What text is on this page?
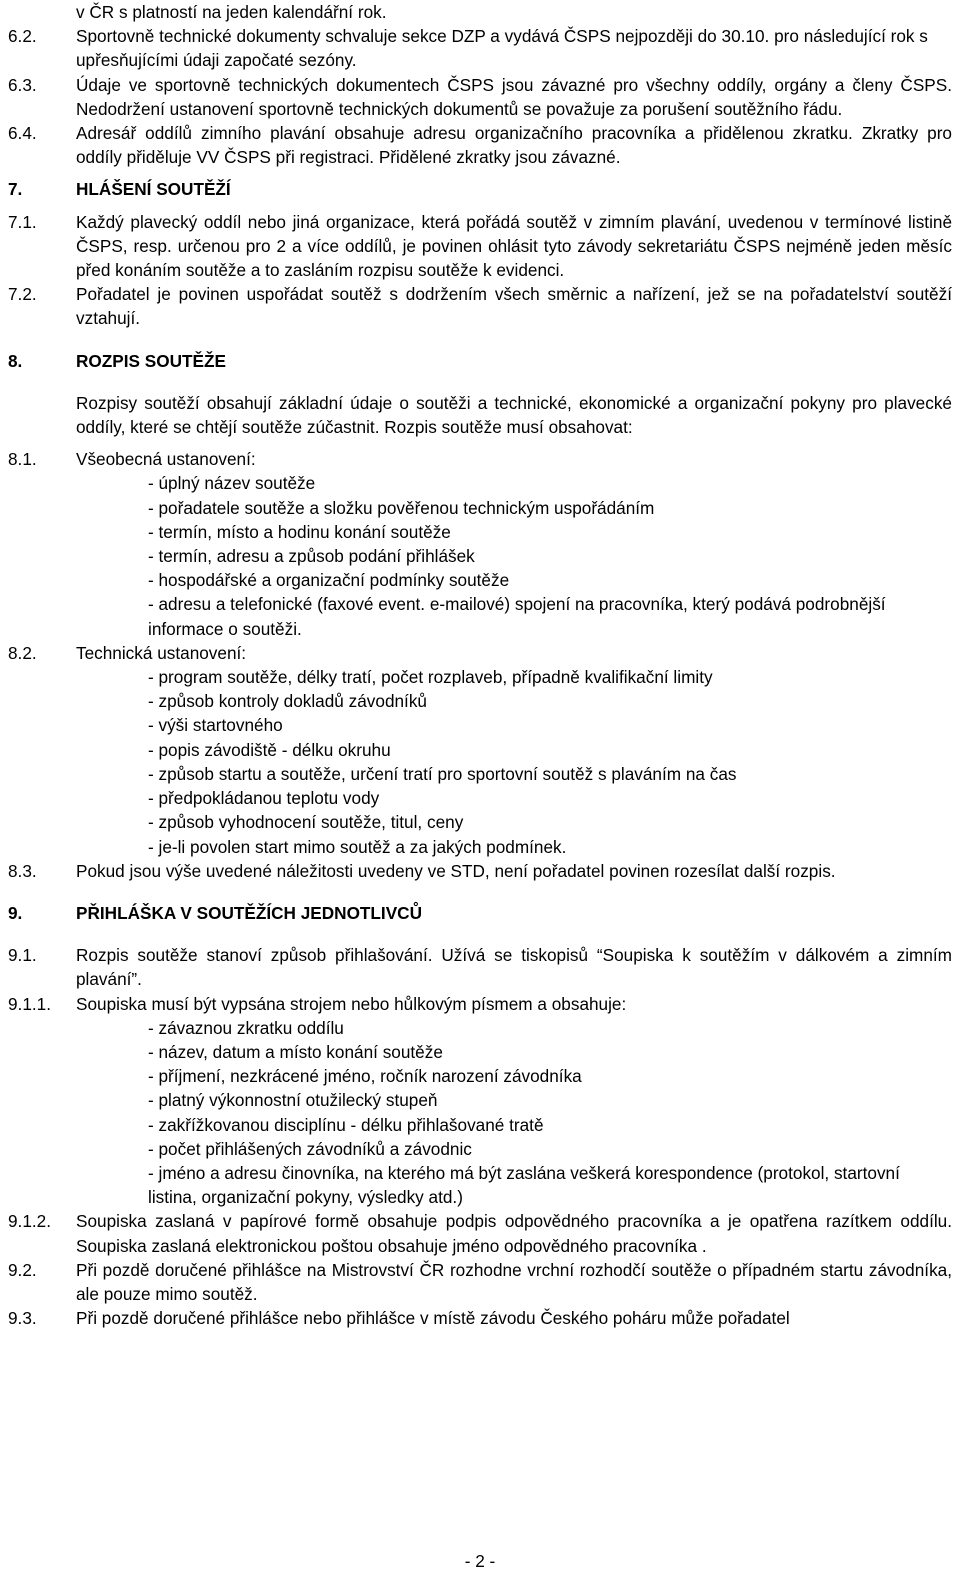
v ČR s platností na jeden kalendářní rok.
6.2. Sportovně technické dokumenty schvaluje sekce DZP a vydává ČSPS nejpozději do 30.10. pro následující rok s upřesňujícími údaji započaté sezóny.
6.3. Údaje ve sportovně technických dokumentech ČSPS jsou závazné pro všechny oddíly, orgány a členy ČSPS. Nedodržení ustanovení sportovně technických dokumentů se považuje za porušení soutěžního řádu.
6.4. Adresář oddílů zimního plavání obsahuje adresu organizačního pracovníka a přidělenou zkratku. Zkratky pro oddíly přiděluje VV ČSPS při registraci. Přidělené zkratky jsou závazné.
7.	HLÁŠENÍ SOUTĚŽÍ
7.1. Každý plavecký oddíl nebo jiná organizace, která pořádá soutěž v zimním plavání, uvedenou v termínové listině ČSPS, resp. určenou pro 2 a více oddílů, je povinen ohlásit tyto závody sekretariátu ČSPS nejméně jeden měsíc před konáním soutěže a to zasláním rozpisu soutěže k evidenci.
7.2. Pořadatel je povinen uspořádat soutěž s dodržením všech směrnic a nařízení, jež se na pořadatelství soutěží vztahují.
8.	ROZPIS SOUTĚŽE
Rozpisy soutěží obsahují základní údaje o soutěži a technické, ekonomické a organizační pokyny pro plavecké oddíly, které se chtějí soutěže zúčastnit. Rozpis soutěže musí obsahovat:
8.1. Všeobecná ustanovení:
- úplný název soutěže
- pořadatele soutěže a složku pověřenou technickým uspořádáním
- termín, místo a hodinu konání soutěže
- termín, adresu a způsob podání přihlášek
- hospodářské a organizační podmínky soutěže
- adresu a telefonické (faxové event. e-mailové) spojení na pracovníka, který podává podrobnější informace o soutěži.
8.2. Technická ustanovení:
- program soutěže, délky tratí, počet rozplaveb, případně kvalifikační limity
- způsob kontroly dokladů závodníků
- výši startovného
- popis závodiště - délku okruhu
- způsob startu a soutěže, určení tratí pro sportovní soutěž s plaváním na čas
- předpokládanou teplotu vody
- způsob vyhodnocení soutěže, titul, ceny
- je-li povolen start mimo soutěž a za jakých podmínek.
8.3. Pokud jsou výše uvedené náležitosti uvedeny ve STD, není pořadatel povinen rozesílat další rozpis.
9.	PŘIHLÁŠKA V SOUTĚŽÍCH JEDNOTLIVCŮ
9.1. Rozpis soutěže stanoví způsob přihlašování. Užívá se tiskopisů “Soupiska k soutěžím v dálkovém a zimním plavání”.
9.1.1. Soupiska musí být vypsána strojem nebo hůlkovým písmem a obsahuje:
- závaznou zkratku oddílu
- název, datum a místo konání soutěže
- příjmení, nezkrácené jméno, ročník narození závodníka
- platný výkonnostní otužilecký stupeň
- zakřížkovanou disciplínu - délku přihlašované tratě
- počet přihlášených závodníků a závodnic
- jméno a adresu činovníka, na kterého má být zaslána veškerá korespondence (protokol, startovní listina, organizační pokyny, výsledky atd.)
9.1.2. Soupiska zaslaná v papírové formě obsahuje podpis odpovědného pracovníka a je opatřena razítkem oddílu. Soupiska zaslaná elektronickou poštou obsahuje jméno odpovědného pracovníka .
9.2. Při pozdě doručené přihlášce na Mistrovství ČR rozhodne vrchní rozhodčí soutěže o případném startu závodníka, ale pouze mimo soutěž.
9.3. Při pozdě doručené přihlášce nebo přihlášce v místě závodu Českého poháru může pořadatel
- 2 -
